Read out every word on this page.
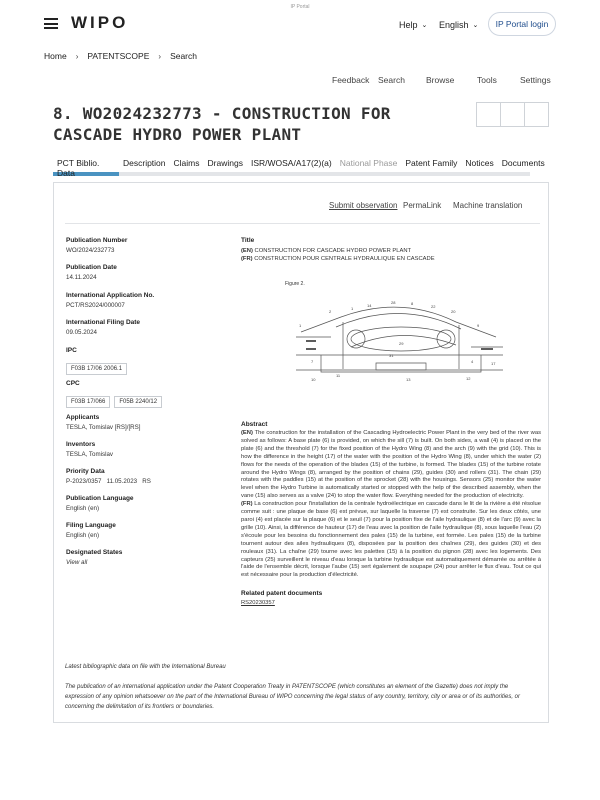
IP Portal
WIPO	Help ⌄ English ⌄	IP Portal login
Home › PATENTSCOPE › Search
Feedback Search Browse	Tools	Settings
8. WO2024232773 - CONSTRUCTION FOR CASCADE HYDRO POWER PLANT
PCT Biblio. Data
Description Claims Drawings ISR/WOSA/A17(2)(a) National Phase Patent Family Notices Documents
Submit observation PermaLink Machine translation
Publication Number
WO/2024/232773
Publication Date
14.11.2024
International Application No.
PCT/RS2024/000007
International Filing Date
09.05.2024
IPC
F03B 17/06 2006.1
CPC
F03B 17/066 F05B 2240/12
Applicants
TESLA, Tomislav [RS]/[RS]
Inventors
TESLA, Tomislav
Priority Data
P-2023/0357   11.05.2023   RS
Publication Language
English (en)
Filing Language
English (en)
Designated States
View all
Title
(EN) CONSTRUCTION FOR CASCADE HYDRO POWER PLANT
(FR) CONSTRUCTION POUR CENTRALE HYDRAULIQUE EN CASCADE
Figure 2.
2
1
14
28	8
22
20
9
1
29
31
13
10
11
12
17
7	4
Abstract
(EN) The construction for the installation of the Cascading Hydroelectric Power Plant in the very bed of the river was solved as follows: A base plate (6) is provided, on which the sill (7) is built. On both sides, a wall (4) is placed on the plate (6) and the threshold (7) for the fixed position of the Hydro Wing (8) and the arch (9) with the grid (10). This is how the difference in the height (17) of the water with the position of the Hydro Wing (8), under which the water (2) flows for the needs of the operation of the blades (15) of the turbine, is formed. The blades (15) of the turbine rotate around the Hydro Wings (8), arranged by the position of chains (29), guides (30) and rollers (31). The chain (29) rotates with the paddles (15) at the position of the sprocket (28) with the housings. Sensors (25) monitor the water level when the Hydro Turbine is automatically started or stopped with the help of the described assembly, when the vane (15) also serves as a valve (24) to stop the water flow. Everything needed for the production of electricity.
(FR) La construction pour l'installation de la centrale hydroélectrique en cascade dans le lit de la rivière a été résolue comme suit : une plaque de base (6) est prévue, sur laquelle la traverse (7) est construite. Sur les deux côtés, une paroi (4) est placée sur la plaque (6) et le seuil (7) pour la position fixe de l'aile hydraulique (8) et de l'arc (9) avec la grille (10). Ainsi, la différence de hauteur (17) de l'eau avec la position de l'aile hydraulique (8), sous laquelle l'eau (2) s'écoule pour les besoins du fonctionnement des pales (15) de la turbine, est formée. Les pales (15) de la turbine tournent autour des ailes hydrauliques (8), disposées par la position des chaînes (29), des guides (30) et des rouleaux (31). La chaîne (29) tourne avec les palettes (15) à la position du pignon (28) avec les logements. Des capteurs (25) surveillent le niveau d'eau lorsque la turbine hydraulique est automatiquement démarrée ou arrêtée à l'aide de l'ensemble décrit, lorsque l'aube (15) sert également de soupape (24) pour arrêter le flux d'eau. Tout ce qui est nécessaire pour la production d'électricité.
Related patent documents
RS20230357
Latest bibliographic data on file with the International Bureau
The publication of an international application under the Patent Cooperation Treaty in PATENTSCOPE (which constitutes an element of the Gazette) does not imply the expression of any opinion whatsoever on the part of the International Bureau of WIPO concerning the legal status of any country, territory, city or area or of its authorities, or concerning the delimitation of its frontiers or boundaries.
